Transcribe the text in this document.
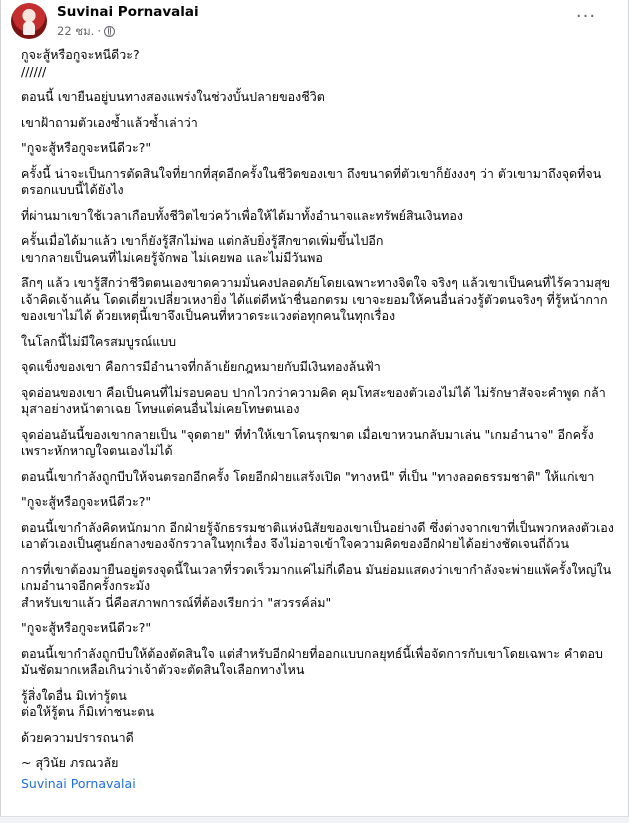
Suvinai Pornavalai
22 ชม. ·
···

กูจะสู้หรือกูจะหนีดีวะ?
//////

ตอนนี้ เขายืนอยู่บนทางสองแพร่งในช่วงบั้นปลายของชีวิต

เขาฝ้าถามตัวเองซ้ำแล้วซ้ำเล่าว่า

"กูจะสู้หรือกูจะหนีดีวะ?"

ครั้งนี้ น่าจะเป็นการตัดสินใจที่ยากที่สุดอีกครั้งในชีวิตของเขา ถึงขนาดที่ตัวเขาก็ยังงงๆ ว่า ตัวเขามาถึงจุดที่จนตรอกแบบนี้ได้ยังไง

ที่ผ่านมาเขาใช้เวลาเกือบทั้งชีวิตไขว่คว้าเพื่อให้ได้มาทั้งอำนาจและทรัพย์สินเงินทอง

ครั้นเมื่อได้มาแล้ว เขาก็ยังรู้สึกไม่พอ แต่กลับยิ่งรู้สึกขาดเพิ่มขึ้นไปอีก
เขากลายเป็นคนที่ไม่เคยรู้จักพอ ไม่เคยพอ และไม่มีวันพอ

ลึกๆ แล้ว เขารู้สึกว่าชีวิตตนเองขาดความมั่นคงปลอดภัยโดยเฉพาะทางจิตใจ จริงๆ แล้วเขาเป็นคนที่ไร้ความสุข เจ้าคิดเจ้าแค้น โดดเดี่ยวเปลี่ยวเหงายิ่ง ได้แต่ดีหน้าชื่นอกตรม เขาจะยอมให้คนอื่นล่วงรู้ตัวตนจริงๆ ที่รู้หน้ากากของเขาไม่ได้ ด้วยเหตุนี้เขาจึงเป็นคนที่หวาดระแวงต่อทุกคนในทุกเรื่อง

ในโลกนี้ไม่มีใครสมบูรณ์แบบ

จุดแข็งของเขา คือการมีอำนาจที่กล้าเย้ยกฎหมายกับมีเงินทองล้นฟ้า

จุดอ่อนของเขา คือเป็นคนที่ไม่รอบคอบ ปากไวกว่าความคิด คุมโทสะของตัวเองไม่ได้ ไม่รักษาสัจจะคำพูด กล้ามุสาอย่างหน้าตาเฉย โทษแต่คนอื่นไม่เคยโทษตนเอง

จุดอ่อนอันนี้ของเขากลายเป็น "จุดตาย" ที่ทำให้เขาโดนรุกฆาต เมื่อเขาหวนกลับมาเล่น "เกมอำนาจ" อีกครั้ง เพราะหักหาญใจตนเองไม่ได้

ตอนนี้เขากำลังถูกบีบให้จนตรอกอีกครั้ง โดยอีกฝ่ายแสร้งเปิด "ทางหนี" ที่เป็น "ทางลอดธรรมชาติ" ให้แก่เขา

"กูจะสู้หรือกูจะหนีดีวะ?"

ตอนนี้เขากำลังคิดหนักมาก อีกฝ่ายรู้จักธรรมชาติแห่งนิสัยของเขาเป็นอย่างดี ซึ่งต่างจากเขาที่เป็นพวกหลงตัวเอง เอาตัวเองเป็นศูนย์กลางของจักรวาลในทุกเรื่อง จึงไม่อาจเข้าใจความคิดของอีกฝ่ายได้อย่างชัดเจนถี่ถ้วน

การที่เขาต้องมายืนอยู่ตรงจุดนี้ในเวลาที่รวดเร็วมากแค่ไม่กี่เดือน มันย่อมแสดงว่าเขากำลังจะพ่ายแพ้ครั้งใหญ่ในเกมอำนาจอีกครั้งกระมัง
สำหรับเขาแล้ว นี่คือสภาพการณ์ที่ต้องเรียกว่า "สวรรค์ล่ม"

"กูจะสู้หรือกูจะหนีดีวะ?"

ตอนนี้เขากำลังถูกบีบให้ต้องตัดสินใจ แต่สำหรับอีกฝ่ายที่ออกแบบกลยุทธ์นี้เพื่อจัดการกับเขาโดยเฉพาะ คำตอบมันชัดมากเหลือเกินว่าเจ้าตัวจะตัดสินใจเลือกทางไหน

รู้สิ่งใดอื่น มิเท่ารู้ตน
ต่อให้รู้ตน ก็มิเท่าชนะตน

ด้วยความปรารถนาดี

~ สุวินัย ภรณวลัย

Suvinai Pornavalai
